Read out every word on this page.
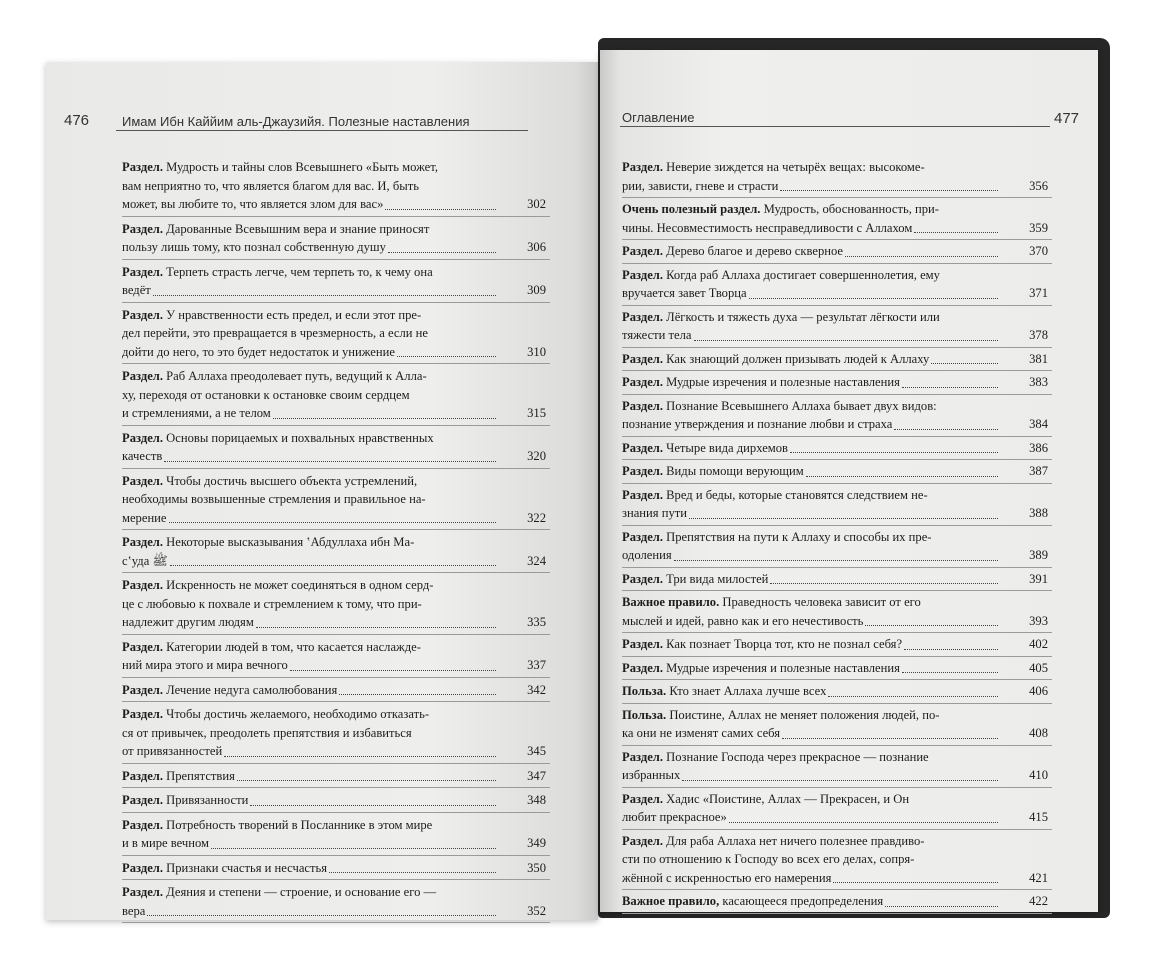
476	Имам Ибн Каййим аль-Джаузийя. Полезные наставления
Раздел. Мудрость и тайны слов Всевышнего «Быть может,
вам неприятно то, что является благом для вас. И, быть
может, вы любите то, что является злом для вас»	302
Раздел. Дарованные Всевышним вера и знание приносят
пользу лишь тому, кто познал собственную душу	306
Раздел. Терпеть страсть легче, чем терпеть то, к чему она
ведёт	309
Раздел. У нравственности есть предел, и если этот пре-
дел перейти, это превращается в чрезмерность, а если не
дойти до него, то это будет недостаток и унижение	310
Раздел. Раб Аллаха преодолевает путь, ведущий к Алла-
ху, переходя от остановки к остановке своим сердцем
и стремлениями, а не телом	315
Раздел. Основы порицаемых и похвальных нравственных
качеств	320
Раздел. Чтобы достичь высшего объекта устремлений,
необходимы возвышенные стремления и правильное на-
мерение	322
Раздел. Некоторые высказывания ʽАбдуллаха ибн Ма-
сʽуда ﷺ	324
Раздел. Искренность не может соединяться в одном серд-
це с любовью к похвале и стремлением к тому, что при-
надлежит другим людям	335
Раздел. Категории людей в том, что касается наслажде-
ний мира этого и мира вечного	337
Раздел. Лечение недуга самолюбования	342
Раздел. Чтобы достичь желаемого, необходимо отказать-
ся от привычек, преодолеть препятствия и избавиться
от привязанностей	345
Раздел. Препятствия	347
Раздел. Привязанности	348
Раздел. Потребность творений в Посланнике в этом мире
и в мире вечном	349
Раздел. Признаки счастья и несчастья	350
Раздел. Деяния и степени — строение, и основание его —
вера	352
Оглавление	477
Раздел. Неверие зиждется на четырёх вещах: высокоме-
рии, зависти, гневе и страсти	356
Очень полезный раздел. Мудрость, обоснованность, при-
чины. Несовместимость несправедливости с Аллахом	359
Раздел. Дерево благое и дерево скверное	370
Раздел. Когда раб Аллаха достигает совершеннолетия, ему
вручается завет Творца	371
Раздел. Лёгкость и тяжесть духа — результат лёгкости или
тяжести тела	378
Раздел. Как знающий должен призывать людей к Аллаху	381
Раздел. Мудрые изречения и полезные наставления	383
Раздел. Познание Всевышнего Аллаха бывает двух видов:
познание утверждения и познание любви и страха	384
Раздел. Четыре вида дирхемов	386
Раздел. Виды помощи верующим	387
Раздел. Вред и беды, которые становятся следствием не-
знания пути	388
Раздел. Препятствия на пути к Аллаху и способы их пре-
одоления	389
Раздел. Три вида милостей	391
Важное правило. Праведность человека зависит от его
мыслей и идей, равно как и его нечестивость	393
Раздел. Как познает Творца тот, кто не познал себя?	402
Раздел. Мудрые изречения и полезные наставления	405
Польза. Кто знает Аллаха лучше всех	406
Польза. Поистине, Аллах не меняет положения людей, по-
ка они не изменят самих себя	408
Раздел. Познание Господа через прекрасное — познание
избранных	410
Раздел. Хадис «Поистине, Аллах — Прекрасен, и Он
любит прекрасное»	415
Раздел. Для раба Аллаха нет ничего полезнее правдиво-
сти по отношению к Господу во всех его делах, сопря-
жённой с искренностью его намерения	421
Важное правило, касающееся предопределения	422
